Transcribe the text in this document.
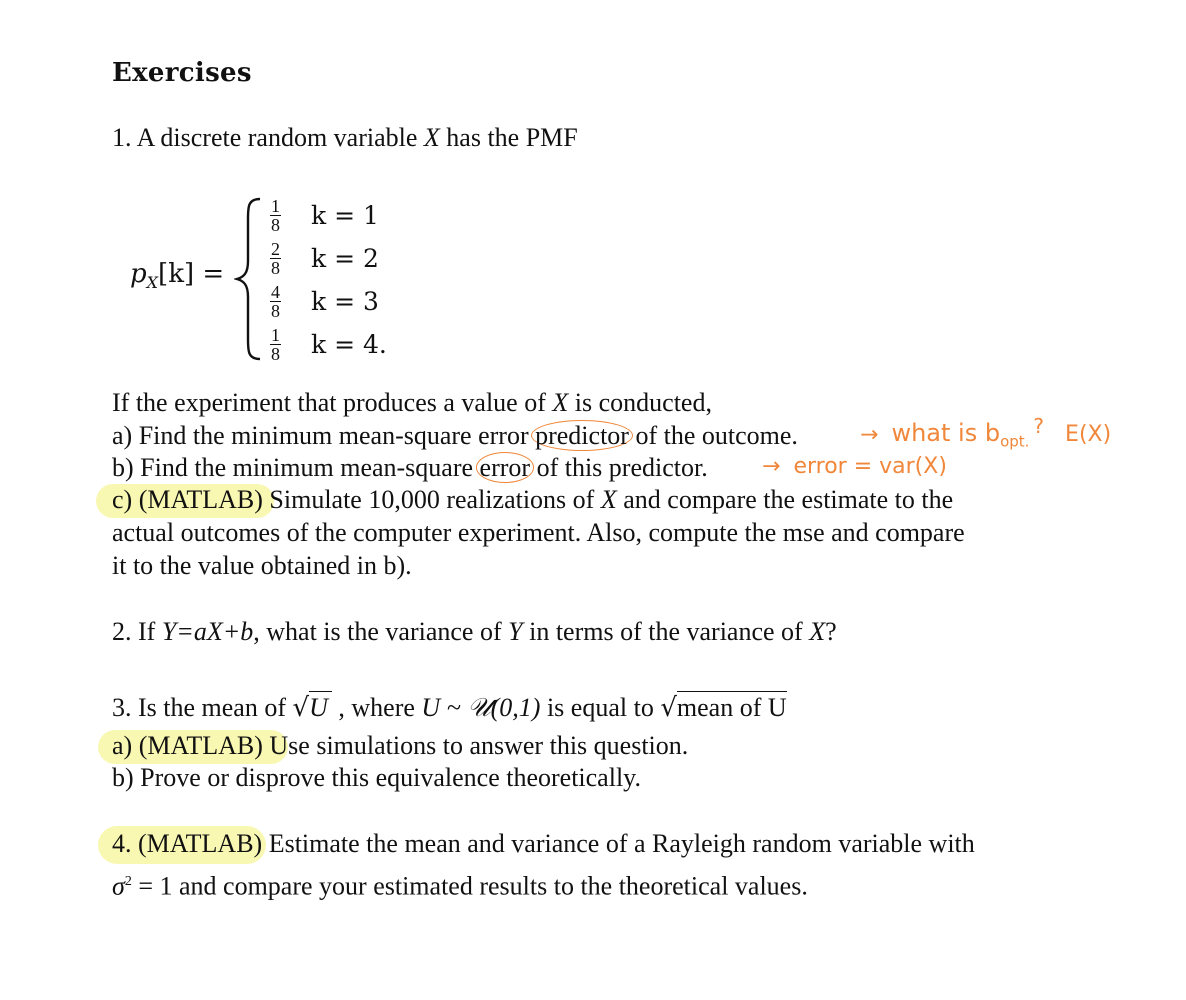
Exercises
1. A discrete random variable X has the PMF
$p_X[k]$ =
$\frac{1}{8}$ k = 1
$\frac{2}{8}$ k = 2
$\frac{4}{8}$ k = 3
$\frac{1}{8}$ k = 4.
If the experiment that produces a value of X is conducted,
a) Find the minimum mean-square error predictor of the outcome.
b) Find the minimum mean-square error of this predictor.
c) (MATLAB) Simulate 10,000 realizations of X and compare the estimate to the
actual outcomes of the computer experiment. Also, compute the mse and compare
it to the value obtained in b).
→ what is $b_{opt.}^?$ E(X)
→ error = var(X)
2. If Y=aX+b, what is the variance of Y in terms of the variance of X?
3. Is the mean of √U , where U ~ 𝒰(0,1) is equal to √mean of U
a) (MATLAB) Use simulations to answer this question.
b) Prove or disprove this equivalence theoretically.
4. (MATLAB) Estimate the mean and variance of a Rayleigh random variable with
$\sigma^2 = 1$ and compare your estimated results to the theoretical values.
